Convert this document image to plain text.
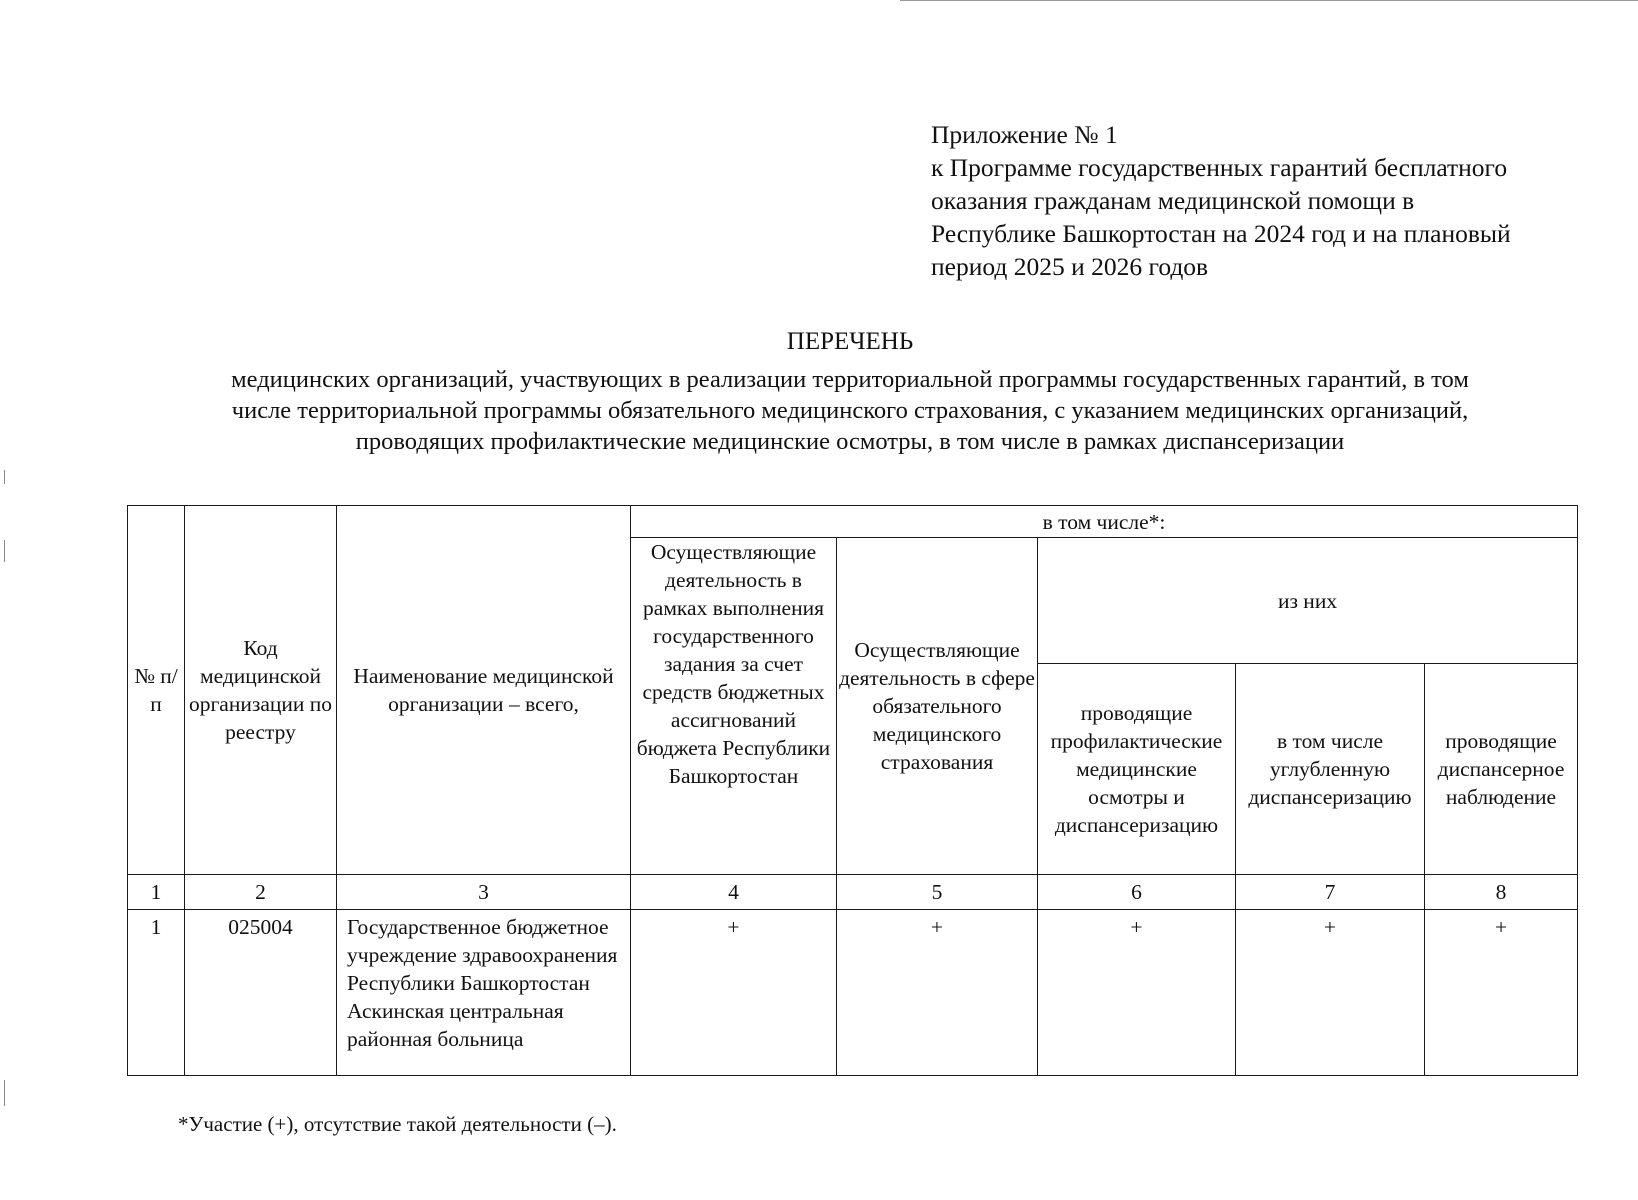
Приложение № 1
к Программе государственных гарантий бесплатного
оказания гражданам медицинской помощи в
Республике Башкортостан на 2024 год и на плановый
период 2025 и 2026 годов
ПЕРЕЧЕНЬ
медицинских организаций, участвующих в реализации территориальной программы государственных гарантий, в том
числе территориальной программы обязательного медицинского страхования, с указанием медицинских организаций,
проводящих профилактические медицинские осмотры, в том числе в рамках диспансеризации
№ п/п	Код медицинской организации по реестру	Наименование медицинской организации – всего,	в том числе*:				
			Осуществляющие деятельность в рамках выполнения государственного задания за счет средств бюджетных ассигнований бюджета Республики Башкортостан	Осуществляющие деятельность в сфере обязательного медицинского страхования	из них		
					проводящие профилактические медицинские осмотры и диспансеризацию	в том числе углубленную диспансеризацию	проводящие диспансерное наблюдение
1	2	3	4	5	6	7	8
1	025004	Государственное бюджетное учреждение здравоохранения Республики Башкортостан Аскинская центральная районная больница	+	+	+	+	+
*Участие (+), отсутствие такой деятельности (–).
